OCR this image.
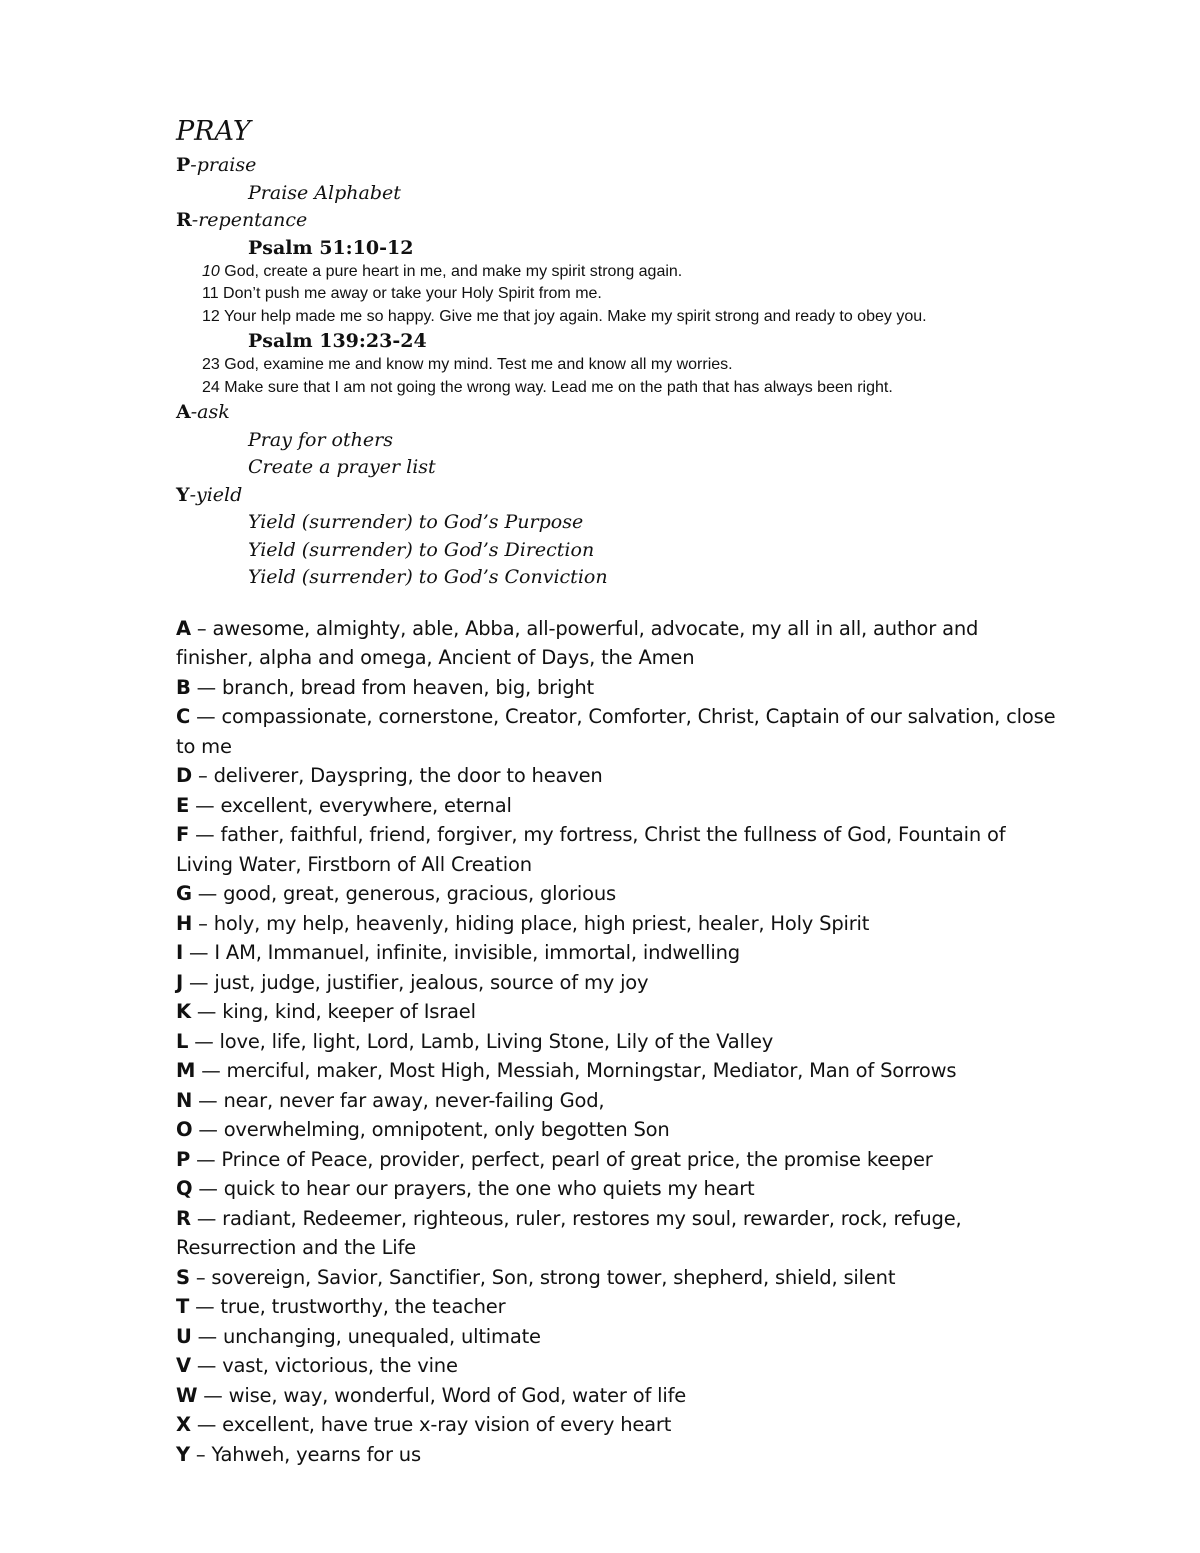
PRAY
P-praise
Praise Alphabet
R-repentance
Psalm 51:10-12
10 God, create a pure heart in me, and make my spirit strong again.
11 Don’t push me away or take your Holy Spirit from me.
12 Your help made me so happy. Give me that joy again. Make my spirit strong and ready to obey you.
Psalm 139:23-24
23 God, examine me and know my mind. Test me and know all my worries.
24 Make sure that I am not going the wrong way. Lead me on the path that has always been right.
A-ask
Pray for others
Create a prayer list
Y-yield
Yield (surrender) to God’s Purpose
Yield (surrender) to God’s Direction
Yield (surrender) to God’s Conviction
A – awesome, almighty, able, Abba, all-powerful, advocate, my all in all, author and finisher, alpha and omega, Ancient of Days, the Amen
B — branch, bread from heaven, big, bright
C — compassionate, cornerstone, Creator, Comforter, Christ, Captain of our salvation, close to me
D – deliverer, Dayspring, the door to heaven
E — excellent, everywhere, eternal
F — father, faithful, friend, forgiver, my fortress, Christ the fullness of God, Fountain of Living Water, Firstborn of All Creation
G — good, great, generous, gracious, glorious
H – holy, my help, heavenly, hiding place, high priest, healer, Holy Spirit
I — I AM, Immanuel, infinite, invisible, immortal, indwelling
J — just, judge, justifier, jealous, source of my joy
K — king, kind, keeper of Israel
L — love, life, light, Lord, Lamb, Living Stone, Lily of the Valley
M — merciful, maker, Most High, Messiah, Morningstar, Mediator, Man of Sorrows
N — near, never far away, never-failing God,
O — overwhelming, omnipotent, only begotten Son
P — Prince of Peace, provider, perfect, pearl of great price, the promise keeper
Q — quick to hear our prayers, the one who quiets my heart
R — radiant, Redeemer, righteous, ruler, restores my soul, rewarder, rock, refuge, Resurrection and the Life
S – sovereign, Savior, Sanctifier, Son, strong tower, shepherd, shield, silent
T — true, trustworthy, the teacher
U — unchanging, unequaled, ultimate
V — vast, victorious, the vine
W — wise, way, wonderful, Word of God, water of life
X — excellent, have true x-ray vision of every heart
Y – Yahweh, yearns for us
